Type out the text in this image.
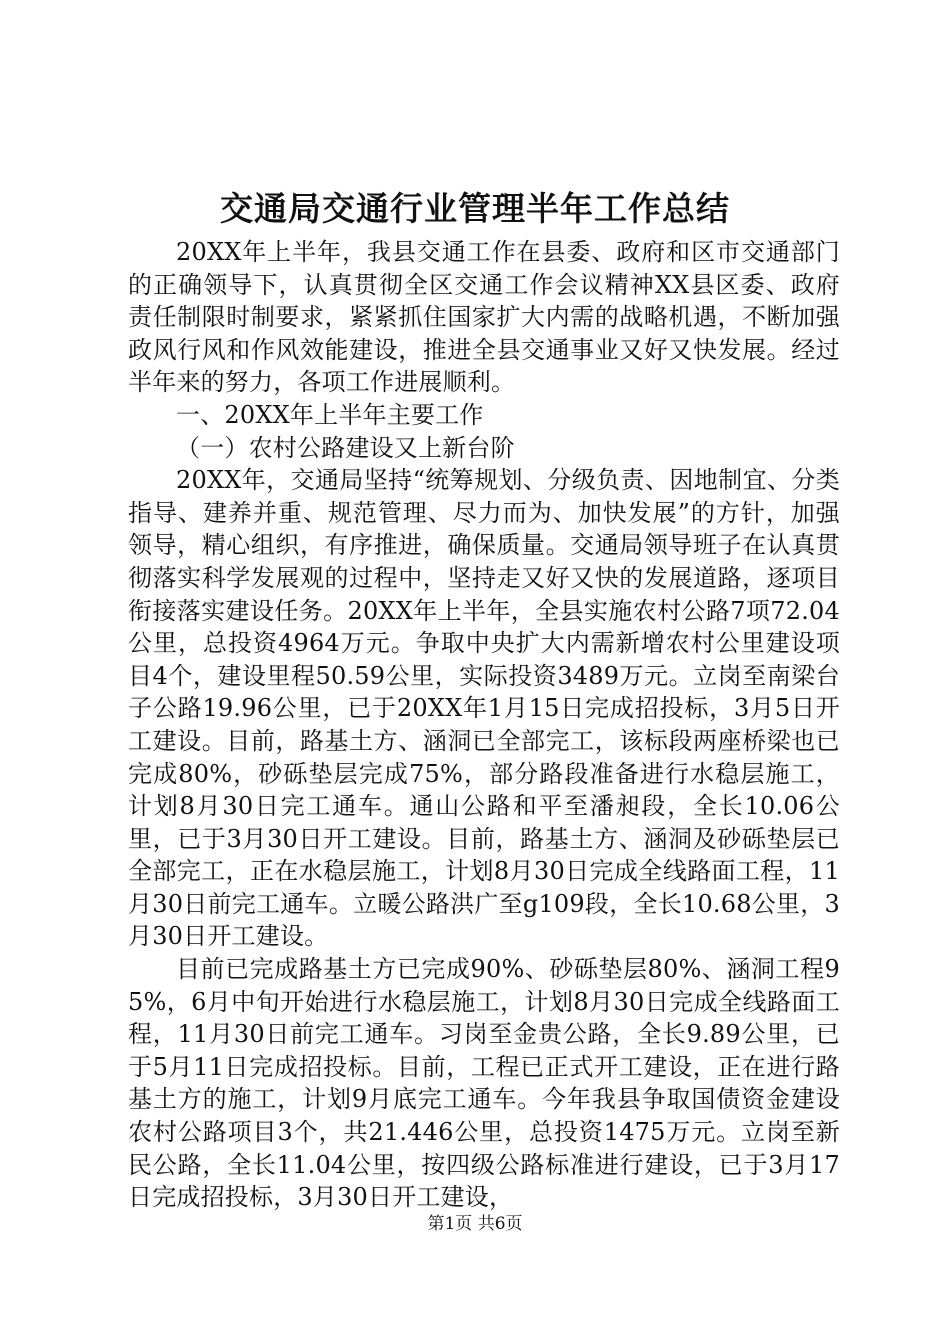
交通局交通行业管理半年工作总结

20XX年上半年，我县交通工作在县委、政府和区市交通部门的正确领导下，认真贯彻全区交通工作会议精神XX县区委、政府责任制限时制要求，紧紧抓住国家扩大内需的战略机遇，不断加强政风行风和作风效能建设，推进全县交通事业又好又快发展。经过半年来的努力，各项工作进展顺利。

一、20XX年上半年主要工作

（一）农村公路建设又上新台阶

20XX年，交通局坚持“统筹规划、分级负责、因地制宜、分类指导、建养并重、规范管理、尽力而为、加快发展”的方针，加强领导，精心组织，有序推进，确保质量。交通局领导班子在认真贯彻落实科学发展观的过程中，坚持走又好又快的发展道路，逐项目衔接落实建设任务。20XX年上半年，全县实施农村公路7项72.04公里，总投资4964万元。争取中央扩大内需新增农村公里建设项目4个，建设里程50.59公里，实际投资3489万元。立岗至南梁台子公路19.96公里，已于20XX年1月15日完成招投标，3月5日开工建设。目前，路基土方、涵洞已全部完工，该标段两座桥梁也已完成80%，砂砾垫层完成75%，部分路段准备进行水稳层施工，计划8月30日完工通车。通山公路和平至潘昶段，全长10.06公里，已于3月30日开工建设。目前，路基土方、涵洞及砂砾垫层已全部完工，正在水稳层施工，计划8月30日完成全线路面工程，11月30日前完工通车。立暖公路洪广至g109段，全长10.68公里，3月30日开工建设。

目前已完成路基土方已完成90%、砂砾垫层80%、涵洞工程95%，6月中旬开始进行水稳层施工，计划8月30日完成全线路面工程，11月30日前完工通车。习岗至金贵公路，全长9.89公里，已于5月11日完成招投标。目前，工程已正式开工建设，正在进行路基土方的施工，计划9月底完工通车。今年我县争取国债资金建设农村公路项目3个，共21.446公里，总投资1475万元。立岗至新民公路，全长11.04公里，按四级公路标准进行建设，已于3月17日完成招投标，3月30日开工建设，

第1页 共6页
